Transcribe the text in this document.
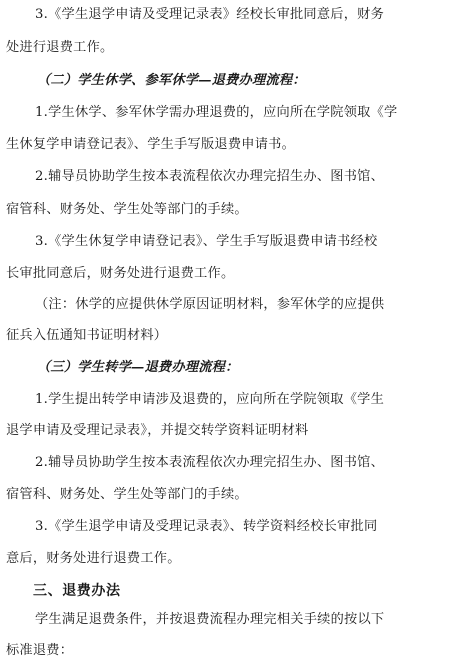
3.《学生退学申请及受理记录表》经校长审批同意后，财务
处进行退费工作。
（二）学生休学、参军休学—退费办理流程：
1.学生休学、参军休学需办理退费的，应向所在学院领取《学
生休复学申请登记表》、学生手写版退费申请书。
2.辅导员协助学生按本表流程依次办理完招生办、图书馆、
宿管科、财务处、学生处等部门的手续。
3.《学生休复学申请登记表》、学生手写版退费申请书经校
长审批同意后，财务处进行退费工作。
（注：休学的应提供休学原因证明材料，参军休学的应提供
征兵入伍通知书证明材料）
（三）学生转学—退费办理流程：
1.学生提出转学申请涉及退费的，应向所在学院领取《学生
退学申请及受理记录表》，并提交转学资料证明材料
2.辅导员协助学生按本表流程依次办理完招生办、图书馆、
宿管科、财务处、学生处等部门的手续。
3.《学生退学申请及受理记录表》、转学资料经校长审批同
意后，财务处进行退费工作。
三、退费办法
学生满足退费条件，并按退费流程办理完相关手续的按以下
标准退费：
